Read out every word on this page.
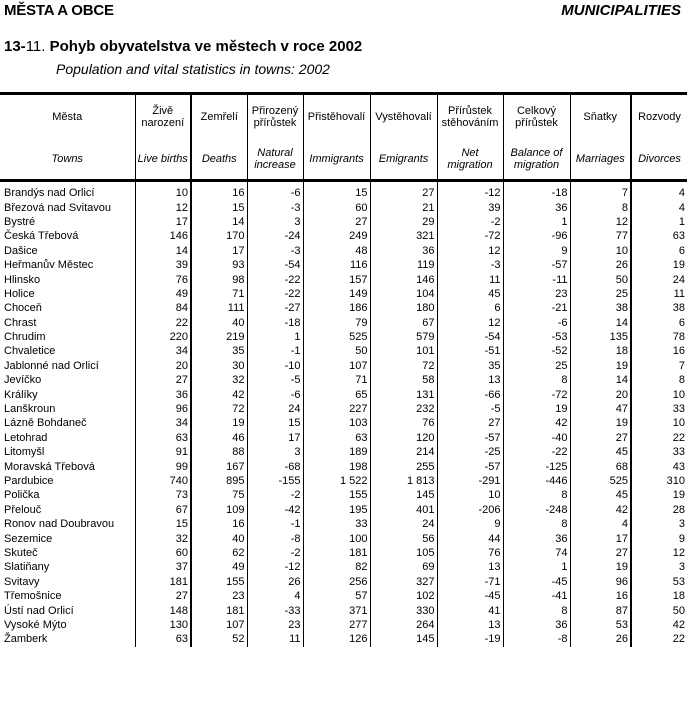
MĚSTA A OBCE	MUNICIPALITIES
13-11. Pohyb obyvatelstva ve městech v roce 2002
Population and vital statistics in towns: 2002
Města	Živě narození	Zemřelí	Přirozený přírůstek	Přistěhovalí	Vystěhovalí	Přírůstek stěhováním	Celkový přírůstek	Sňatky	Rozvody
Towns	Live births	Deaths	Natural increase	Immigrants	Emigrants	Net migration	Balance of migration	Marriages	Divorces
Brandýs nad Orlicí	10	16	-6	15	27	-12	-18	7	4
Březová nad Svitavou	12	15	-3	60	21	39	36	8	4
Bystré	17	14	3	27	29	-2	1	12	1
Česká Třebová	146	170	-24	249	321	-72	-96	77	63
Dašice	14	17	-3	48	36	12	9	10	6
Heřmanův Městec	39	93	-54	116	119	-3	-57	26	19
Hlinsko	76	98	-22	157	146	11	-11	50	24
Holice	49	71	-22	149	104	45	23	25	11
Choceň	84	111	-27	186	180	6	-21	38	38
Chrast	22	40	-18	79	67	12	-6	14	6
Chrudim	220	219	1	525	579	-54	-53	135	78
Chvaletice	34	35	-1	50	101	-51	-52	18	16
Jablonné nad Orlicí	20	30	-10	107	72	35	25	19	7
Jevíčko	27	32	-5	71	58	13	8	14	8
Králíky	36	42	-6	65	131	-66	-72	20	10
Lanškroun	96	72	24	227	232	-5	19	47	33
Lázně Bohdaneč	34	19	15	103	76	27	42	19	10
Letohrad	63	46	17	63	120	-57	-40	27	22
Litomyšl	91	88	3	189	214	-25	-22	45	33
Moravská Třebová	99	167	-68	198	255	-57	-125	68	43
Pardubice	740	895	-155	1 522	1 813	-291	-446	525	310
Polička	73	75	-2	155	145	10	8	45	19
Přelouč	67	109	-42	195	401	-206	-248	42	28
Ronov nad Doubravou	15	16	-1	33	24	9	8	4	3
Sezemice	32	40	-8	100	56	44	36	17	9
Skuteč	60	62	-2	181	105	76	74	27	12
Slatiňany	37	49	-12	82	69	13	1	19	3
Svitavy	181	155	26	256	327	-71	-45	96	53
Třemošnice	27	23	4	57	102	-45	-41	16	18
Ústí nad Orlicí	148	181	-33	371	330	41	8	87	50
Vysoké Mýto	130	107	23	277	264	13	36	53	42
Žamberk	63	52	11	126	145	-19	-8	26	22
